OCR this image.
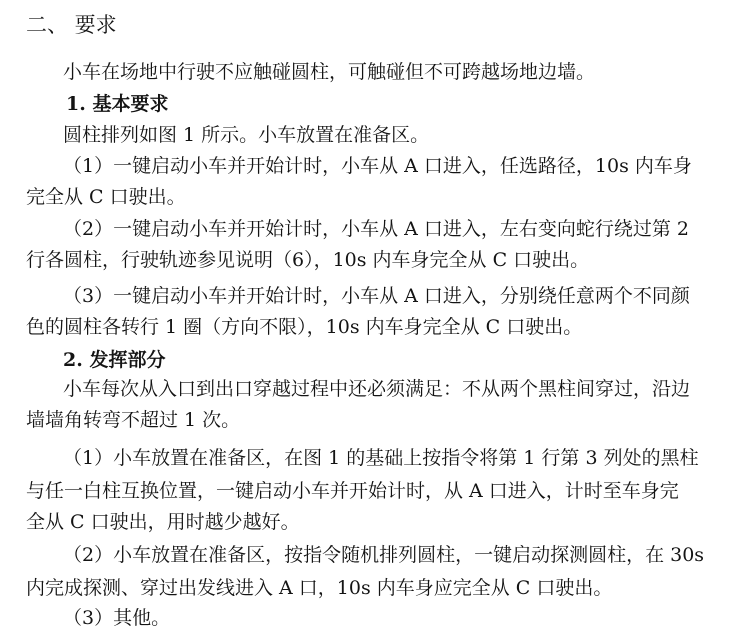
二、 要求
小车在场地中行驶不应触碰圆柱，可触碰但不可跨越场地边墙。
1. 基本要求
圆柱排列如图 1 所示。小车放置在准备区。
（1）一键启动小车并开始计时，小车从 A 口进入，任选路径，10s 内车身
完全从 C 口驶出。
（2）一键启动小车并开始计时，小车从 A 口进入，左右变向蛇行绕过第 2
行各圆柱，行驶轨迹参见说明（6），10s 内车身完全从 C 口驶出。
（3）一键启动小车并开始计时，小车从 A 口进入，分别绕任意两个不同颜
色的圆柱各转行 1 圈（方向不限），10s 内车身完全从 C 口驶出。
2. 发挥部分
小车每次从入口到出口穿越过程中还必须满足：不从两个黑柱间穿过，沿边
墙墙角转弯不超过 1 次。
（1）小车放置在准备区，在图 1 的基础上按指令将第 1 行第 3 列处的黑柱
与任一白柱互换位置，一键启动小车并开始计时，从 A 口进入，计时至车身完
全从 C 口驶出，用时越少越好。
（2）小车放置在准备区，按指令随机排列圆柱，一键启动探测圆柱，在 30s
内完成探测、穿过出发线进入 A 口，10s 内车身应完全从 C 口驶出。
（3）其他。
